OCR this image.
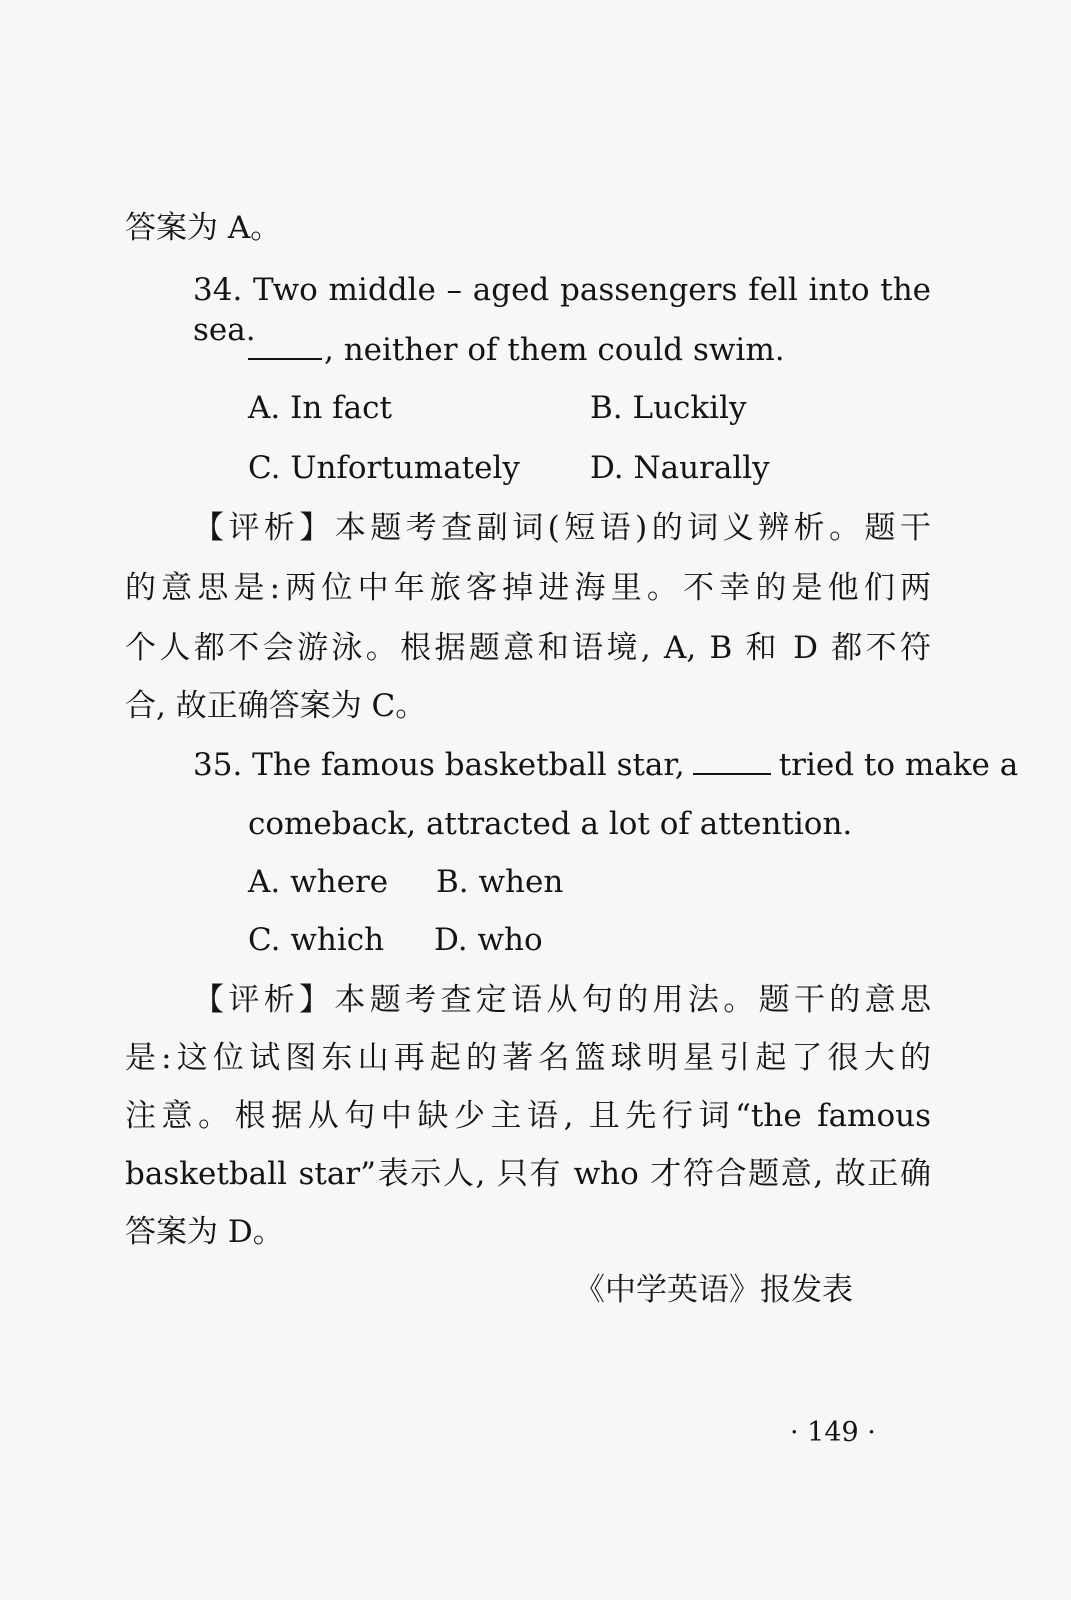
答案为 A。
34. Two middle – aged passengers fell into the sea.
, neither of them could swim.
A. In fact	B. Luckily
C. Unfortumately D. Naurally
【评析】本题考查副词(短语)的词义辨析。题干
的意思是:两位中年旅客掉进海里。不幸的是他们两
个人都不会游泳。根据题意和语境, A, B 和 D 都不符
合, 故正确答案为 C。
35. The famous basketball star,	tried to make a
comeback, attracted a lot of attention.
A. where B. when
C. which D. who
【评析】本题考查定语从句的用法。题干的意思
是:这位试图东山再起的著名篮球明星引起了很大的
注意。根据从句中缺少主语, 且先行词“the famous
basketball star”表示人, 只有 who 才符合题意, 故正确
答案为 D。
《中学英语》报发表
· 149 ·
